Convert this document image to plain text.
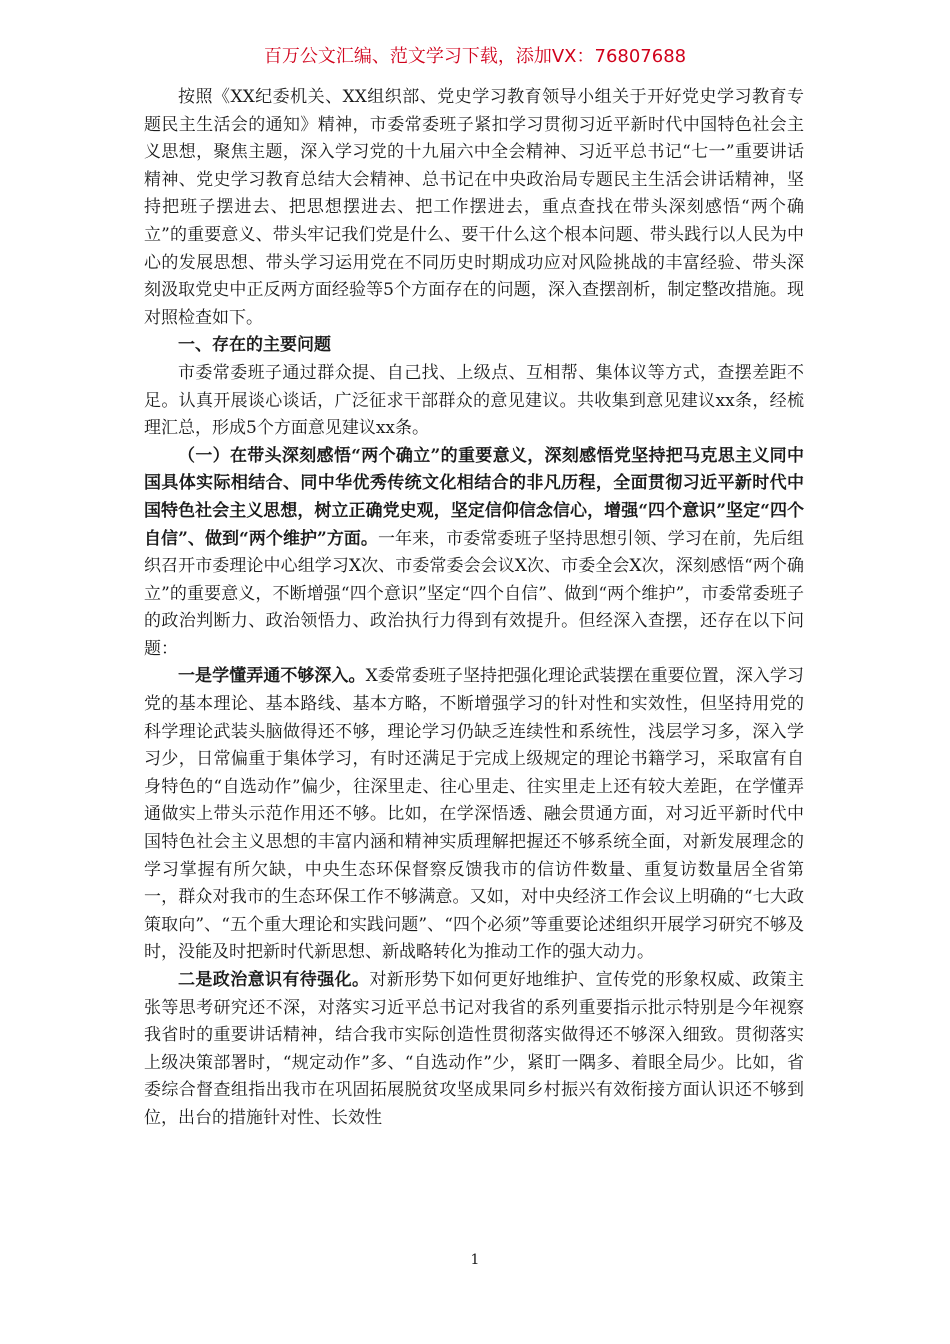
百万公文汇编、范文学习下载，添加VX：76807688

按照《XX纪委机关、XX组织部、党史学习教育领导小组关于开好党史学习教育专题民主生活会的通知》精神，市委常委班子紧扣学习贯彻习近平新时代中国特色社会主义思想，聚焦主题，深入学习党的十九届六中全会精神、习近平总书记“七一”重要讲话精神、党史学习教育总结大会精神、总书记在中央政治局专题民主生活会讲话精神，坚持把班子摆进去、把思想摆进去、把工作摆进去，重点查找在带头深刻感悟“两个确立”的重要意义、带头牢记我们党是什么、要干什么这个根本问题、带头践行以人民为中心的发展思想、带头学习运用党在不同历史时期成功应对风险挑战的丰富经验、带头深刻汲取党史中正反两方面经验等5个方面存在的问题，深入查摆剖析，制定整改措施。现对照检查如下。

一、存在的主要问题

市委常委班子通过群众提、自己找、上级点、互相帮、集体议等方式，查摆差距不足。认真开展谈心谈话，广泛征求干部群众的意见建议。共收集到意见建议xx条，经梳理汇总，形成5个方面意见建议xx条。

（一）在带头深刻感悟“两个确立”的重要意义，深刻感悟党坚持把马克思主义同中国具体实际相结合、同中华优秀传统文化相结合的非凡历程，全面贯彻习近平新时代中国特色社会主义思想，树立正确党史观，坚定信仰信念信心，增强“四个意识”坚定“四个自信”、做到“两个维护”方面。一年来，市委常委班子坚持思想引领、学习在前，先后组织召开市委理论中心组学习X次、市委常委会会议X次、市委全会X次，深刻感悟“两个确立”的重要意义，不断增强“四个意识”坚定“四个自信”、做到“两个维护”，市委常委班子的政治判断力、政治领悟力、政治执行力得到有效提升。但经深入查摆，还存在以下问题：

一是学懂弄通不够深入。X委常委班子坚持把强化理论武装摆在重要位置，深入学习党的基本理论、基本路线、基本方略，不断增强学习的针对性和实效性，但坚持用党的科学理论武装头脑做得还不够，理论学习仍缺乏连续性和系统性，浅层学习多，深入学习少，日常偏重于集体学习，有时还满足于完成上级规定的理论书籍学习，采取富有自身特色的“自选动作”偏少，往深里走、往心里走、往实里走上还有较大差距，在学懂弄通做实上带头示范作用还不够。比如，在学深悟透、融会贯通方面，对习近平新时代中国特色社会主义思想的丰富内涵和精神实质理解把握还不够系统全面，对新发展理念的学习掌握有所欠缺，中央生态环保督察反馈我市的信访件数量、重复访数量居全省第一，群众对我市的生态环保工作不够满意。又如，对中央经济工作会议上明确的“七大政策取向”、“五个重大理论和实践问题”、“四个必须”等重要论述组织开展学习研究不够及时，没能及时把新时代新思想、新战略转化为推动工作的强大动力。

二是政治意识有待强化。对新形势下如何更好地维护、宣传党的形象权威、政策主张等思考研究还不深，对落实习近平总书记对我省的系列重要指示批示特别是今年视察我省时的重要讲话精神，结合我市实际创造性贯彻落实做得还不够深入细致。贯彻落实上级决策部署时，“规定动作”多、“自选动作”少，紧盯一隅多、着眼全局少。比如，省委综合督查组指出我市在巩固拓展脱贫攻坚成果同乡村振兴有效衔接方面认识还不够到位，出台的措施针对性、长效性

1
